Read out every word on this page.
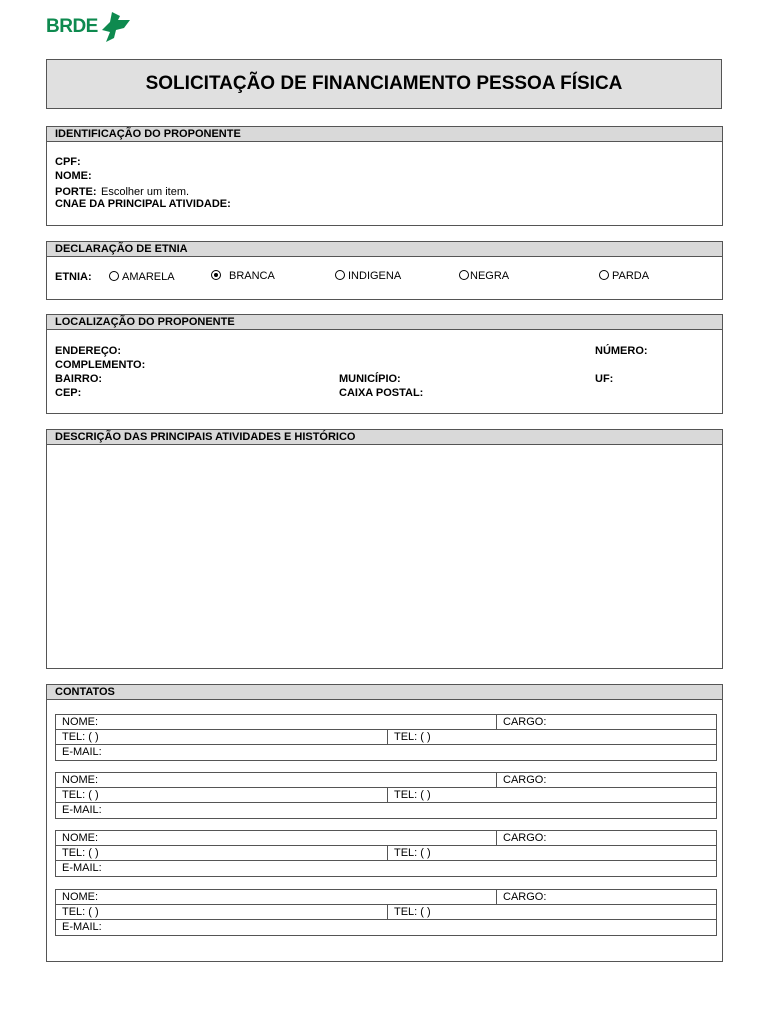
BRDE
SOLICITAÇÃO DE FINANCIAMENTO PESSOA FÍSICA
IDENTIFICAÇÃO DO PROPONENTE
CPF:
NOME:
PORTE: Escolher um item.
CNAE DA PRINCIPAL ATIVIDADE:
DECLARAÇÃO DE ETNIA
ETNIA:	AMARELA	BRANCA	INDIGENA	NEGRA	PARDA
LOCALIZAÇÃO DO PROPONENTE
ENDEREÇO:	NÚMERO:
COMPLEMENTO:
BAIRRO:	MUNICÍPIO:	UF:
CEP:	CAIXA POSTAL:
DESCRIÇÃO DAS PRINCIPAIS ATIVIDADES E HISTÓRICO
CONTATOS
NOME:	CARGO:
TEL: ( )	TEL: ( )
E-MAIL:
NOME:	CARGO:
TEL: ( )	TEL: ( )
E-MAIL:
NOME:	CARGO:
TEL: ( )	TEL: ( )
E-MAIL:
NOME:	CARGO:
TEL: ( )	TEL: ( )
E-MAIL:
